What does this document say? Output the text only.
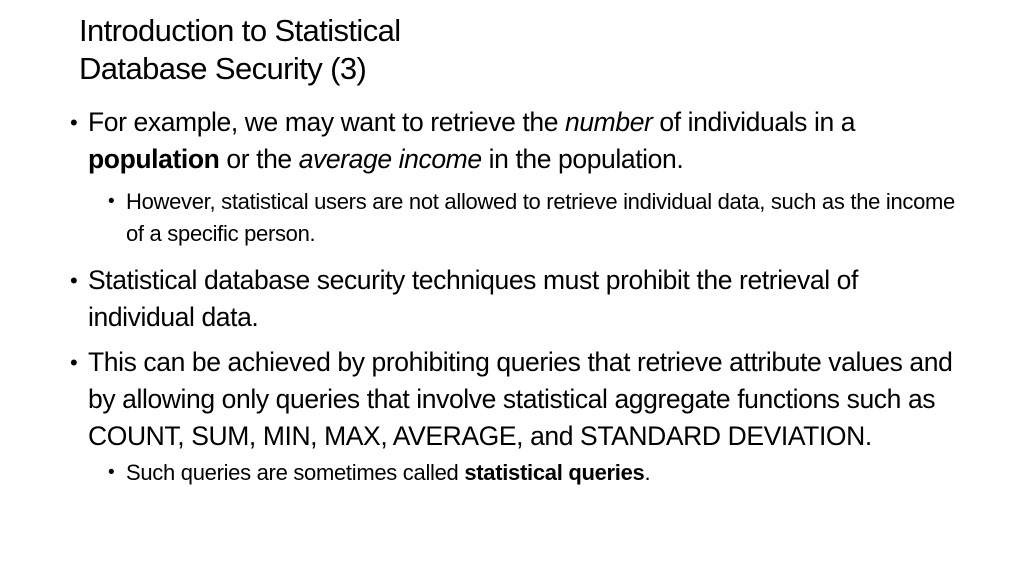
Introduction to Statistical
Database Security (3)
• For example, we may want to retrieve the number of individuals in a population or the average income in the population.

• However, statistical users are not allowed to retrieve individual data, such as the income of a specific person.

• Statistical database security techniques must prohibit the retrieval of individual data.

• This can be achieved by prohibiting queries that retrieve attribute values and by allowing only queries that involve statistical aggregate functions such as COUNT, SUM, MIN, MAX, AVERAGE, and STANDARD DEVIATION.

• Such queries are sometimes called statistical queries.
